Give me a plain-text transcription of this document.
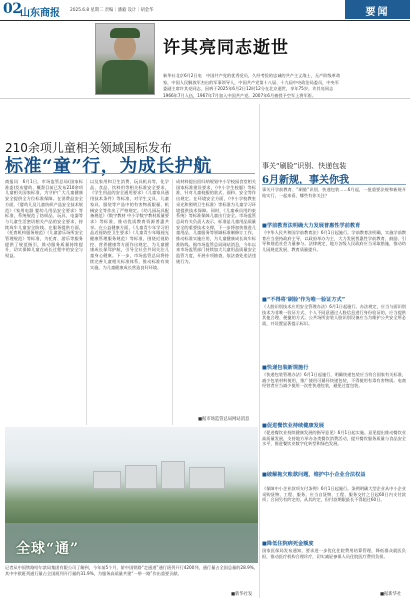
02
山东商报 2025.6.8 星期二 责编｜潘毅 设计｜胡金华	要闻
许其亮同志逝世
新华社北京6月2日电　中国共产党的优秀党员，久经考验的忠诚的共产主义战士，无产阶级革命家，中国人民解放军杰出的军事领导人，中国共产党第十八届、十九届中央政治局委员，中央军委副主席许其亮同志，因病于2025年6月2日12时12分在北京逝世，享年75岁。许其亮同志1966年7月入伍，1967年7月加入中国共产党。2007年6月被授予空军上将军衔。
210余项儿童相关领域国标发布
标准“童”行，为成长护航
商报讯　6月1日，市场监管总局(国家标准委)发布婴幼、概督目前已发布210余项儿童相关国家标准，为守护广大儿童健康安全提供全方位标准保障。在消费品安全方面，《婴幼儿及儿童纺织产品安全技术规范》《家用电器 婴幼儿用品安全要求》等标准，系统规范了纺织品、玩具、电器等与儿童生活密切相关产品的安全要求，持续筑牢儿童安全防线。在服务提供方面，《托育机构服务规范》《儿童游乐场所安全管理规范》等标准，为托育、游乐等服务提供了规范指引，推动服务质量持续提升，切实保障儿童在成长过程中的安全与权益。
以及家用和卫生消费、玩具机具等，化学品、食品、饮料用等相关标准安全要求，《学生用品的安全通用要求》《儿童家具通用技术条件》等标准，对学生文具、儿童家具、服装等产品中的有害物质限量、机械安全等作出了严格规定。《幼儿园玩具配备规范》《数字教材 中小学数字教材质量要求》等标准，推动优质教育资源普惠共享。在公益健康方面，《儿童青少年学习用品近视防控卫生要求》《儿童青少年眼视光健康管理服务规范》等标准，围绕近视防控、营养健康等方面作出规定，为儿童健康成长保驾护航，引导全社会共同关注儿童身心健康。下一步，市场监管总局将持续完善儿童相关标准体系，推动标准有效实施，为儿童健康成长营造良好环境。
成材料提出回归纳规划中小学校园食堂相关国家标准建设要求，《中小学生校服》等标准，针对儿童校服的款式、面料、安全等作出规定。在环境安全方面，《中小学校教室采光和照明卫生标准》等标准为儿童学习环境提供技术保障。同时，《儿童乘员用约束系统》等标准保障儿童出行安全。市场监管总局有关负责人表示，标准是儿童用品质量安全的重要技术支撑，下一步将加快推进儿童用品、儿童服务等领域标准制修订工作，推动标准实施应用，为儿童健康成长筑牢标准防线。据市场监管总局网站消息，今年以来市场监管部门持续加大儿童用品质量安全监管力度，开展专项抽查，依法查处违法违规行为。
■据市场监管总局网站消息
全球“通”
记者从中国铁路哈尔滨局集团有限公司了解到，今年前5个月，阶中国铁路“走通道”通行班列开行4200列，通行量占全国总量的28.9%，其中中欧班列通行量占全国班列开行量的31.9%，为服务高质量共建“一带一路”作出重要贡献。
■新华社发
事关“刷脸”识别、快递包装
6月新规，事关你我
事关开学前教育、“刷脸”识别、快递包装……6月起，一批重要法规和新规开始实行，一起来看，哪些有你关注？
■学前教育法明确大力发展普惠性学前教育
《中华人民共和国学前教育法》6月1日起施行。学前教育法明确，实施学前教育应当坚持政府主导，以政府举办为主，大力发展普惠性学前教育，鼓励、引导和规范社会力量参与。法律规定，地方各级人民政府应当采取措施，推动幼儿园规范发展、教育质量提升。
■“不得将‘刷脸’作为唯一验证方式”
《人脸识别技术应用安全管理办法》6月1日起施行。办法规定，应当与面识别技术为非唯一验证方式，个人不同意通过人脸信息进行身份验证的，应当提供其他合理、便捷的方式。公共场所安装人脸识别设备应当为维护公共安全所必需，并设置显著提示标识。
■快递包装新规施行
《快递包装管理办法》6月1日起施行，明确快递包装应当符合国家有关标准，减少包装材料使用，推广使用可循环快递包装，不得使用有毒有害物质。电商经营者应当减少使用一次性快递包装，避免过度包装。
■促进餐饮业持续健康发展
《促进餐饮业持续健康发展的指导意见》6月1日起实施。意见提出推动餐饮业高质量发展，支持地方举办各类餐饮消费活动，提升餐饮服务质量与食品安全水平，推进餐饮业数字化转型和绿色发展。
■破解拖欠账款问题，维护中小企业合法权益
《保障中小企业款项支付条例》6月1日起施行。条例明确大型企业从中小企业采购货物、工程、服务，应当自货物、工程、服务交付之日起60日内支付款项；合同另有约定的，从其约定，但付款期限最长不得超过60日。
■降低住院病死金额度
国家医保局发布通知，要求进一步优化住院费用结算管理，降低群众就医负担，推动医疗机构合理诊疗，切实减轻参保人员住院医疗费用负担。
■据新华社
